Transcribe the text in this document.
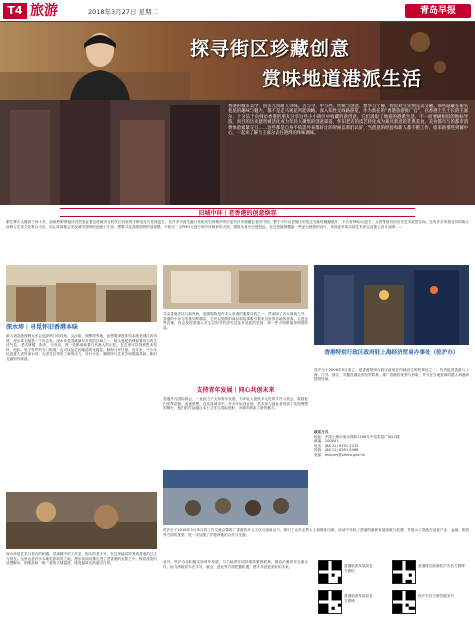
T4 旅游	2018年3月27日 星期二	青岛早报
探寻街区珍藏创意
赏味地道港派生活
香港的城市美学，因多元而耐人寻味。古与今、中与西、传统与创意、繁华与宁静，看似对立实则完美交融。那些隐藏在街头巷尾的趣味与魅力，都不是走马观花所能领略。深入知性无线路游览，作为新任的“香港旅游推广官”，在香港土生土长的王嘉尔，十分乐于向到访香港的朋友分享这些小小街区中收藏的新创意。它们汲取了地道的港派生活，不一而要刷相似的地标导游，而目的历史建筑被活化成为年轻人聚集的创意部落，怀旧老店的技艺转化成为兼具新意的非典美食，美食都市与的都市消费体验紧紧交互……这些都是自身不依需外来都好让的时候以那们认好，当创意的经验和新人都不断工作，原来的那些到城中心，一起来了解与王嘉尔去往港湾的体味调味。
旧城中环｜老香港的创意焕容
繁忙摩天大楼高于四十外，而那些鲜纳留伙仍然见证着这座城市在时代长河里的不断变化与老城更生。在许多中西交融与传统历史的精华背后更有许多潜藏在巷弄中的。整个中环以老街区的变迁为脉络蜿蜒展开，不仅有PMQ元创方、大馆等原有的历史艺术展馆空间，还有许多风格各异的街头涂鸦与艺术文化集合小店，用心体味便会发现城市独特的创意小宇宙。想要寻觅香港独特的创意感，不妨走一走PMQ元创方和中环保育的大馆，建筑本身历史感悠远，在这里能够邂逅一些更为独到的设计，发现更多的本地艺术家以及独立设计品牌……
深水埗｜寻觅怀旧香港本味
游人到香港度假大多会选择热门的旺角、尖沙咀、铜锣湾等地，而想要深度体验本港老城区的风情，深水埗无疑是一个好去处。深水埗是香港最早开发的区域之一，街头巷尾仍保留着旧日的生活气息，老式唐楼、街市、小食店，每一处都承载着几代港人的记忆。在这里可以找到售卖布料、钮扣、电子零件的专门街道，也可以品尝到地道的豆腐花、肠粉与车仔面。近年来，不少年轻创意人进驻深水埗，为老社区带来了新的活力，设计小店、咖啡馆与艺术空间散落其间，新旧交融别有味道。
深水埗是艺术与老店的相遇，旧唐楼中的工作室，街头的老字号，在这里能同时看到香港的过去与现在。这里也是许多本地电影取景之地，漫步其间仿佛走进了老香港的光影之中。推荐游览时放慢脚步，细细品味一街一巷的人情温度，感受最真实的港式日常。
寻觅香港老店与新风尚，逛街购物是许多人来港的重要目的之一，然而除了各大商场之外，香港的小店与市集同样精彩，它们以独特的商品和故事吸引着来自世界各地的旅客。走进这些店铺，你会发现香港人对生活细节的讲究以及对品质的坚持，每一件小物都值得细细欣赏。
支持青年发展｜同心共创未来
香港作为国际都会，一直致力于支持青年发展，为年轻人提供多元化的平台与机会，鼓励他们发挥创意、追逐梦想。在这座城市中，许多年轻设计师、艺术家与创业者找到了实现理想的舞台，他们的作品融合本土文化与国际视野，为城市增添了新的魅力。
香港特别行政区政府驻上海经济贸易办事处（驻沪办）
驻沪办于2006年9月成立，是香港特别行政区政府在内地设立的驻事处之一，负责促进香港与上海、江苏、浙江、安徽及湖北的经贸联系，推广香港的优势与形象，并为在当地营商的港人和港商提供协助。
联系方式
地址：中国上海市南京西路1168号中信泰富广场21楼
邮编：200041
电话：(86 21) 6351 2233
传真：(86 21) 6351 6368
电邮：enquiry@sheto.gov.hk
驻沪办于2018年3月举办的工作交流会暨推广香港的多元文化与创新活力，吸引了众多业界人士和媒体出席。活动中介绍了香港的最新发展成就与机遇，并展示了香港在创意产业、金融、旅游等方面的优势，进一步加强了沪港两地的合作与交流。
此外，驻沪办亦积极支持青年发展，与当地青年团体保持紧密联系，推动沪港青年交流合作，助力两地青年在学习、就业、创业等方面把握机遇，携手共创更美好的未来。	香港旅游发展局官方微信
香港特区政府驻沪办官方微博
香港旅游发展局官方微博
驻沪办官方微信服务号
